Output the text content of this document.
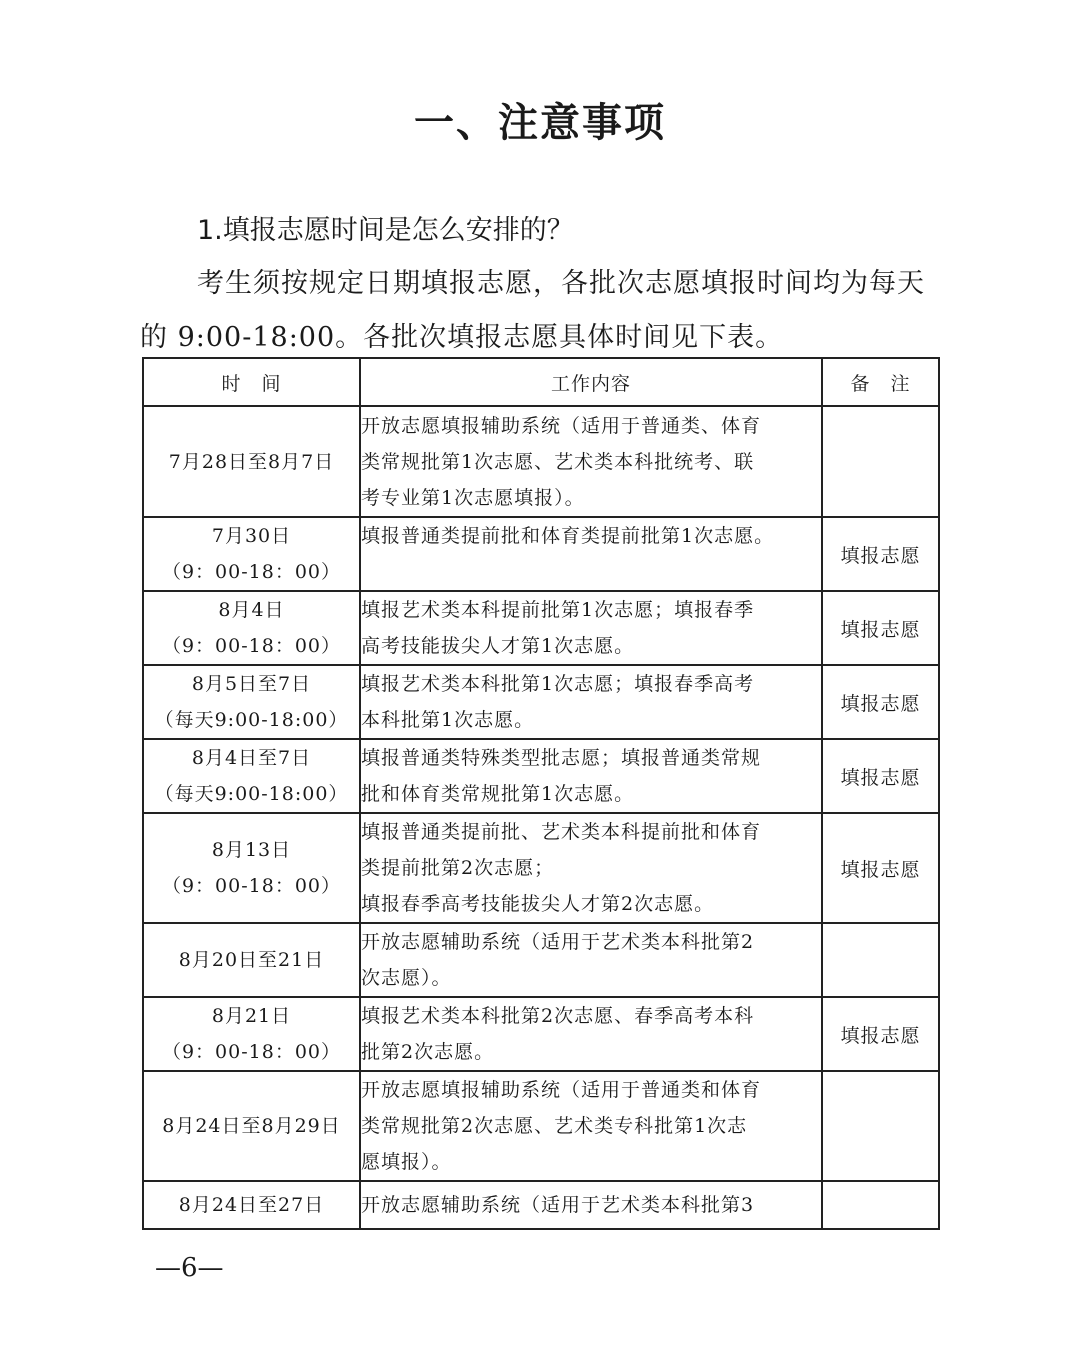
一、注意事项
1.填报志愿时间是怎么安排的？
考生须按规定日期填报志愿，各批次志愿填报时间均为每天
的 9:00-18:00。各批次填报志愿具体时间见下表。
时　间	工作内容	备　注

7月28日至8月7日	开放志愿填报辅助系统（适用于普通类、体育
类常规批第1次志愿、艺术类本科批统考、联
考专业第1次志愿填报）。	

7月30日
（9：00-18：00）	填报普通类提前批和体育类提前批第1次志愿。	填报志愿

8月4日
（9：00-18：00）	填报艺术类本科提前批第1次志愿；填报春季
高考技能拔尖人才第1次志愿。	填报志愿

8月5日至7日
（每天9:00-18:00）	填报艺术类本科批第1次志愿；填报春季高考
本科批第1次志愿。	填报志愿

8月4日至7日
（每天9:00-18:00）	填报普通类特殊类型批志愿；填报普通类常规
批和体育类常规批第1次志愿。	填报志愿

8月13日
（9：00-18：00）	填报普通类提前批、艺术类本科提前批和体育
类提前批第2次志愿；
填报春季高考技能拔尖人才第2次志愿。	填报志愿

8月20日至21日	开放志愿辅助系统（适用于艺术类本科批第2
次志愿）。	

8月21日
（9：00-18：00）	填报艺术类本科批第2次志愿、春季高考本科
批第2次志愿。	填报志愿

8月24日至8月29日	开放志愿填报辅助系统（适用于普通类和体育
类常规批第2次志愿、艺术类专科批第1次志
愿填报）。	

8月24日至27日	开放志愿辅助系统（适用于艺术类本科批第3	

—6—
